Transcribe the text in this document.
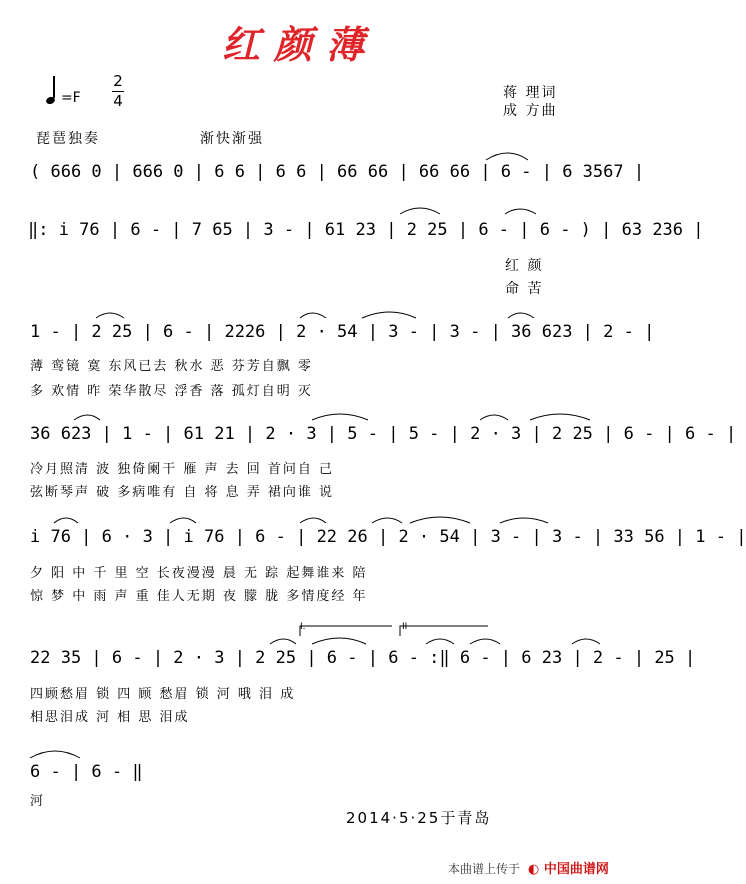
红颜薄
=F
2
4	蒋 理词
成 方曲
琵琶独奏	渐快渐强
( 666 0 | 666 0 | 6 6 | 6 6 | 66 66 | 66 66 | 6 - | 6 3567 |
‖: i 76 | 6 - | 7 65 | 3 - | 61 23 | 2 25 | 6 - | 6 - ) | 63 236 |
红 颜
命 苦
1 - | 2 25 | 6 - | 2226 | 2 · 54 | 3 - | 3 - | 36 623 | 2 - |
薄 鸾镜 寞 东风已去 秋水 恶 芬芳自飘 零
多 欢情 昨 荣华散尽 浮香 落 孤灯自明 灭
36 623 | 1 - | 61 21 | 2 · 3 | 5 - | 5 - | 2 · 3 | 2 25 | 6 - | 6 - |
冷月照清 波 独倚阑干 雁 声 去 回 首问自 己
弦断琴声 破 多病唯有 自 将 息 弄 裙向谁 说
i 76 | 6 · 3 | i 76 | 6 - | 22 26 | 2 · 54 | 3 - | 3 - | 33 56 | 1 - |
夕 阳 中 千 里 空 长夜漫漫 晨 无 踪 起舞谁来 陪
惊 梦 中 雨 声 重 佳人无期 夜 朦 胧 多情度经 年
I.	II
22 35 | 6 - | 2 · 3 | 2 25 | 6 - | 6 - :‖ 6 - | 6 23 | 2 - | 25 |
四顾愁眉 锁 四 顾 愁眉 锁 河 哦 泪 成
相思泪成 河 相 思 泪成
6 - | 6 - ‖
河
2014·5·25于青岛
本曲谱上传于 ◐ 中国曲谱网
